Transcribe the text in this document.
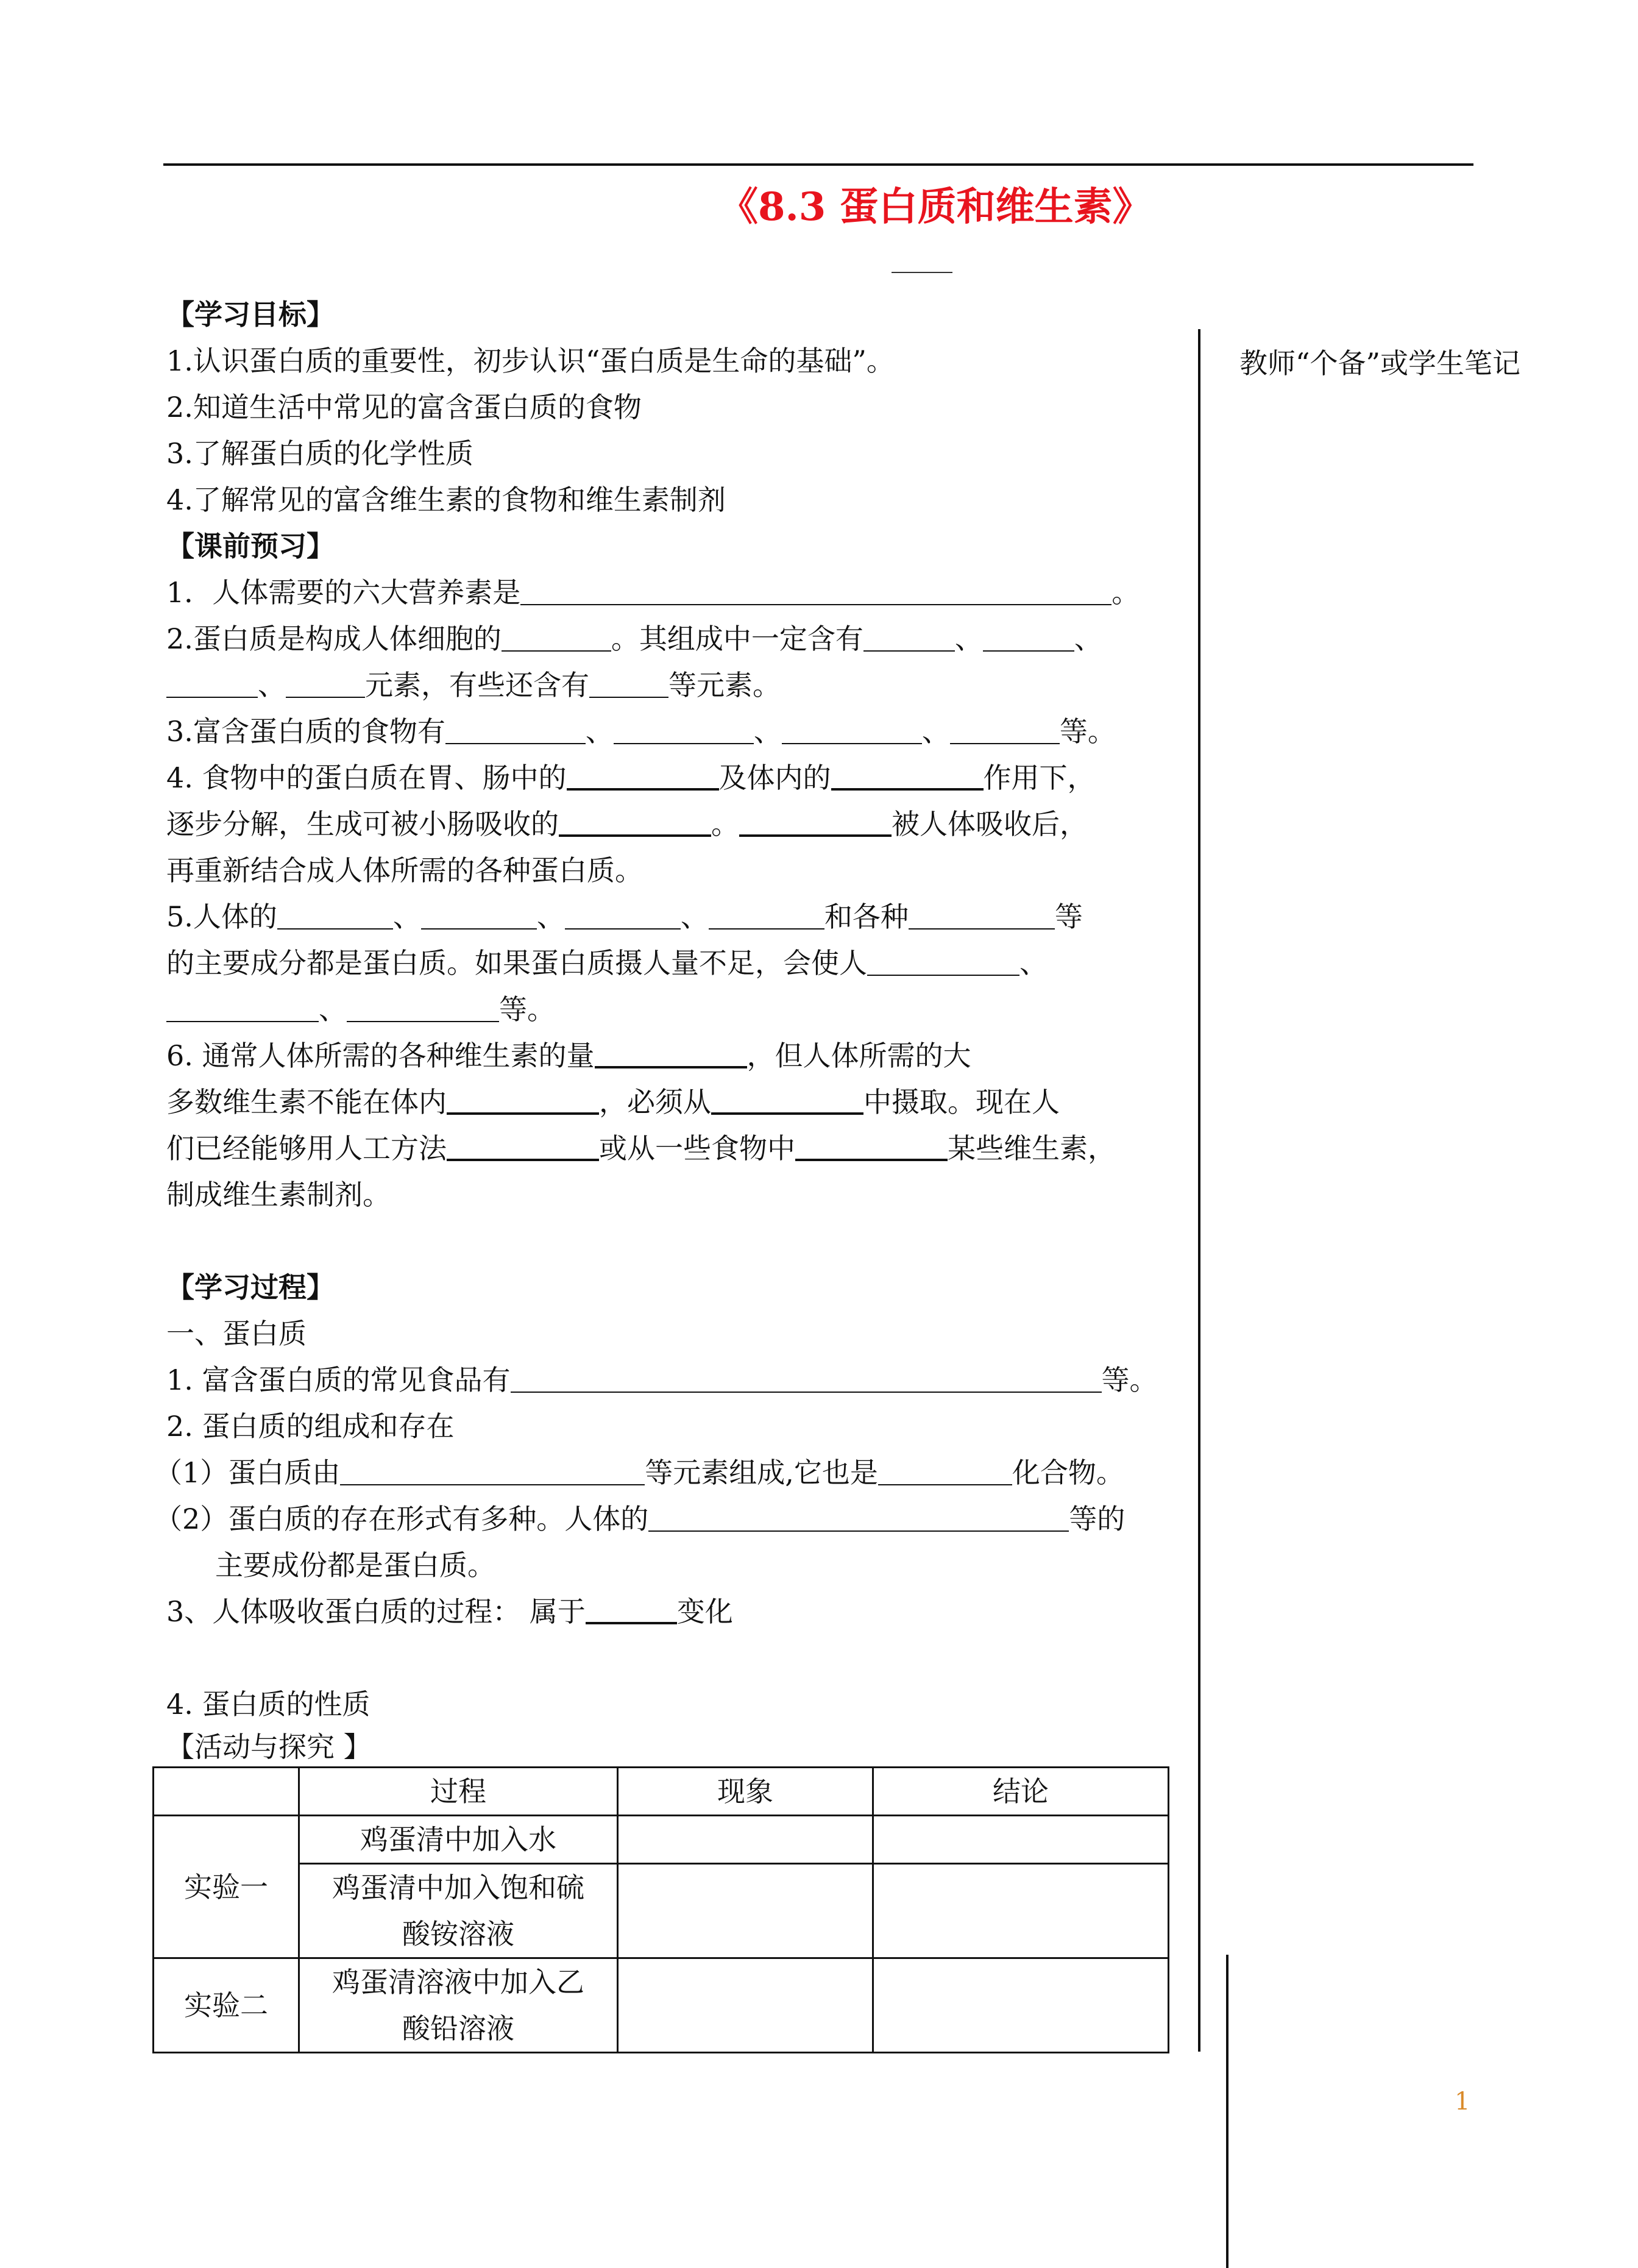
《8.3 蛋白质和维生素》
教师“个备”或学生笔记
1
【学习目标】
1.认识蛋白质的重要性，初步认识“蛋白质是生命的基础”。
2.知道生活中常见的富含蛋白质的食物
3.了解蛋白质的化学性质
4.了解常见的富含维生素的食物和维生素制剂
【课前预习】
1．人体需要的六大营养素是	。
2.蛋白质是构成人体细胞的	。其组成中一定含有	、	、
、	元素，有些还含有	等元素。
3.富含蛋白质的食物有	、	、	、	等。
4. 食物中的蛋白质在胃、肠中的	及体内的	作用下，
逐步分解，生成可被小肠吸收的	。	被人体吸收后，
再重新结合成人体所需的各种蛋白质。
5.人体的	、	、	、	和各种	等
的主要成分都是蛋白质。如果蛋白质摄人量不足，会使人	、
、	等。
6. 通常人体所需的各种维生素的量	，但人体所需的大
多数维生素不能在体内	，必须从	中摄取。现在人
们已经能够用人工方法	或从一些食物中	某些维生素，
制成维生素制剂。

【学习过程】
一、蛋白质
1. 富含蛋白质的常见食品有	等。
2. 蛋白质的组成和存在
（1）蛋白质由	等元素组成,它也是	化合物。
（2）蛋白质的存在形式有多种。人体的	等的
主要成份都是蛋白质。
3、人体吸收蛋白质的过程： 属于	变化

4. 蛋白质的性质
【活动与探究 】
	过程	现象	结论
实验一	鸡蛋清中加入水		

	鸡蛋清中加入饱和硫
酸铵溶液		

实验二	鸡蛋清溶液中加入乙
酸铅溶液		
